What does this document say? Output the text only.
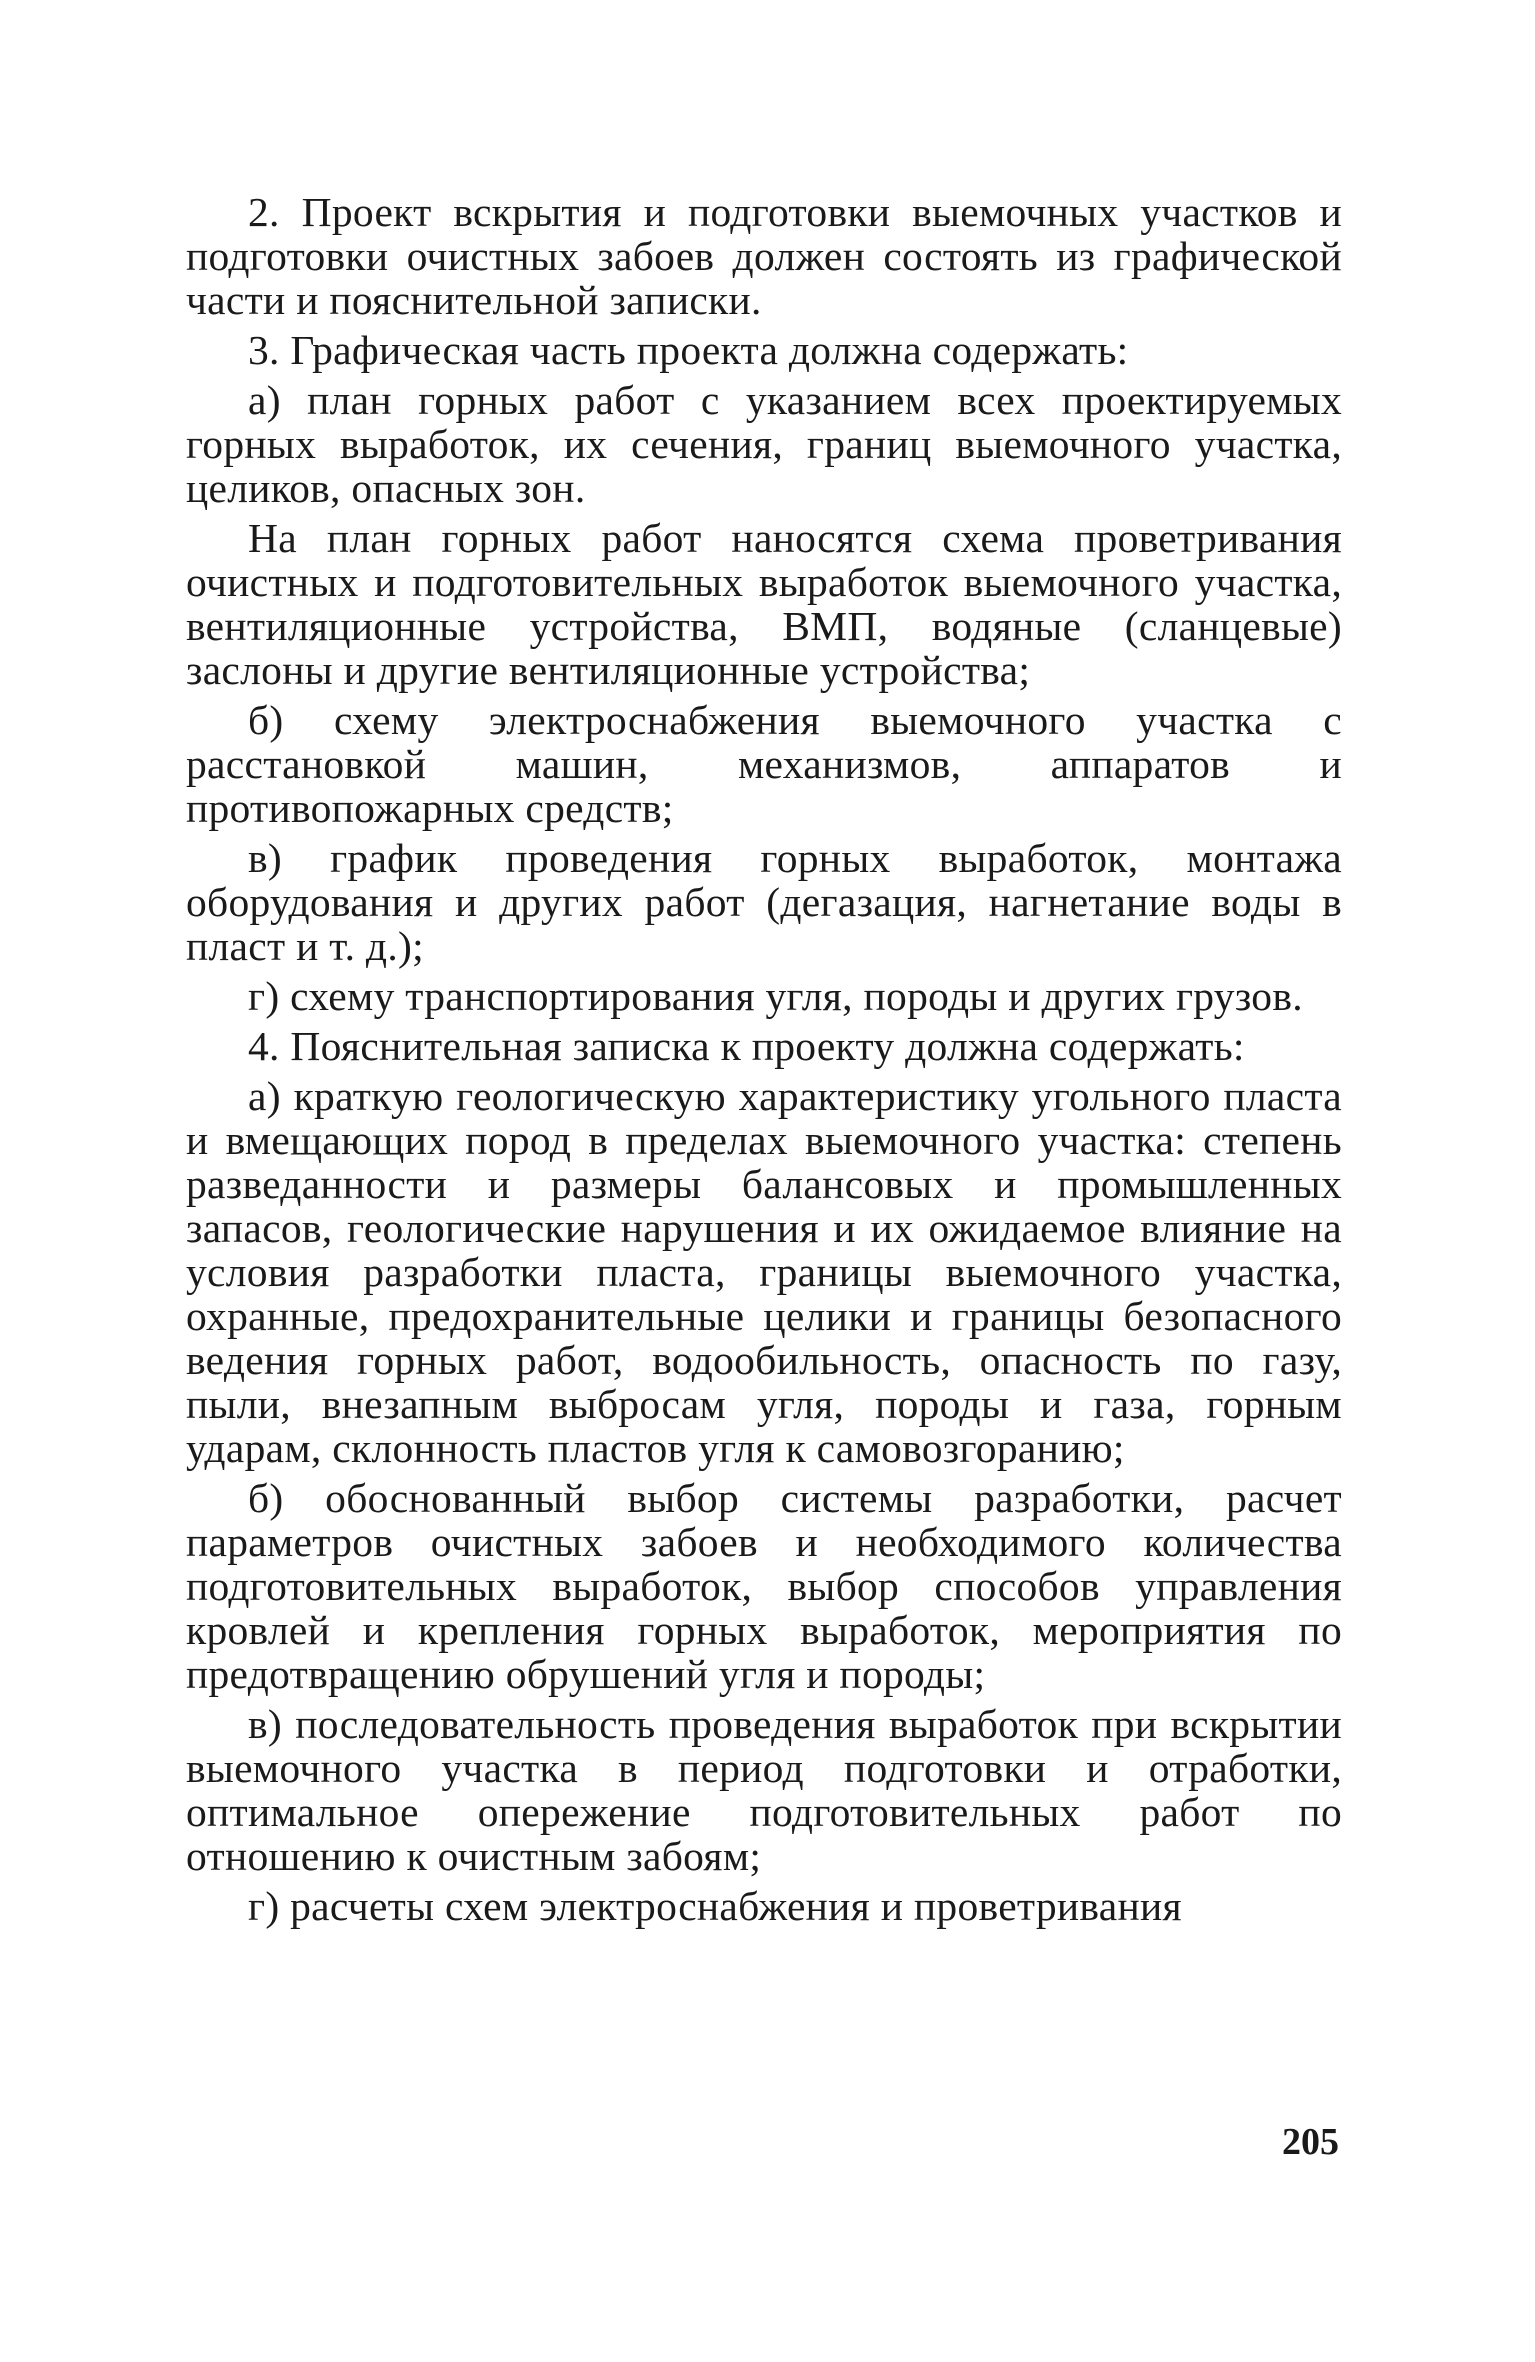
2. Проект вскрытия и подготовки выемочных участков и подготовки очистных забоев должен состоять из графической части и пояснительной записки.

3. Графическая часть проекта должна содержать:

а) план горных работ с указанием всех проектируемых горных выработок, их сечения, границ выемочного участка, целиков, опасных зон.

На план горных работ наносятся схема проветривания очистных и подготовительных выработок выемочного участка, вентиляционные устройства, ВМП, водяные (сланцевые) заслоны и другие вентиляционные устройства;

б) схему электроснабжения выемочного участка с расстановкой машин, механизмов, аппаратов и противопожарных средств;

в) график проведения горных выработок, монтажа оборудования и других работ (дегазация, нагнетание воды в пласт и т. д.);

г) схему транспортирования угля, породы и других грузов.

4. Пояснительная записка к проекту должна содержать:

а) краткую геологическую характеристику угольного пласта и вмещающих пород в пределах выемочного участка: степень разведанности и размеры балансовых и промышленных запасов, геологические нарушения и их ожидаемое влияние на условия разработки пласта, границы выемочного участка, охранные, предохранительные целики и границы безопасного ведения горных работ, водообильность, опасность по газу, пыли, внезапным выбросам угля, породы и газа, горным ударам, склонность пластов угля к самовозгоранию;

б) обоснованный выбор системы разработки, расчет параметров очистных забоев и необходимого количества подготовительных выработок, выбор способов управления кровлей и крепления горных выработок, мероприятия по предотвращению обрушений угля и породы;

в) последовательность проведения выработок при вскрытии выемочного участка в период подготовки и отработки, оптимальное опережение подготовительных работ по отношению к очистным забоям;

г) расчеты схем электроснабжения и проветривания

205
